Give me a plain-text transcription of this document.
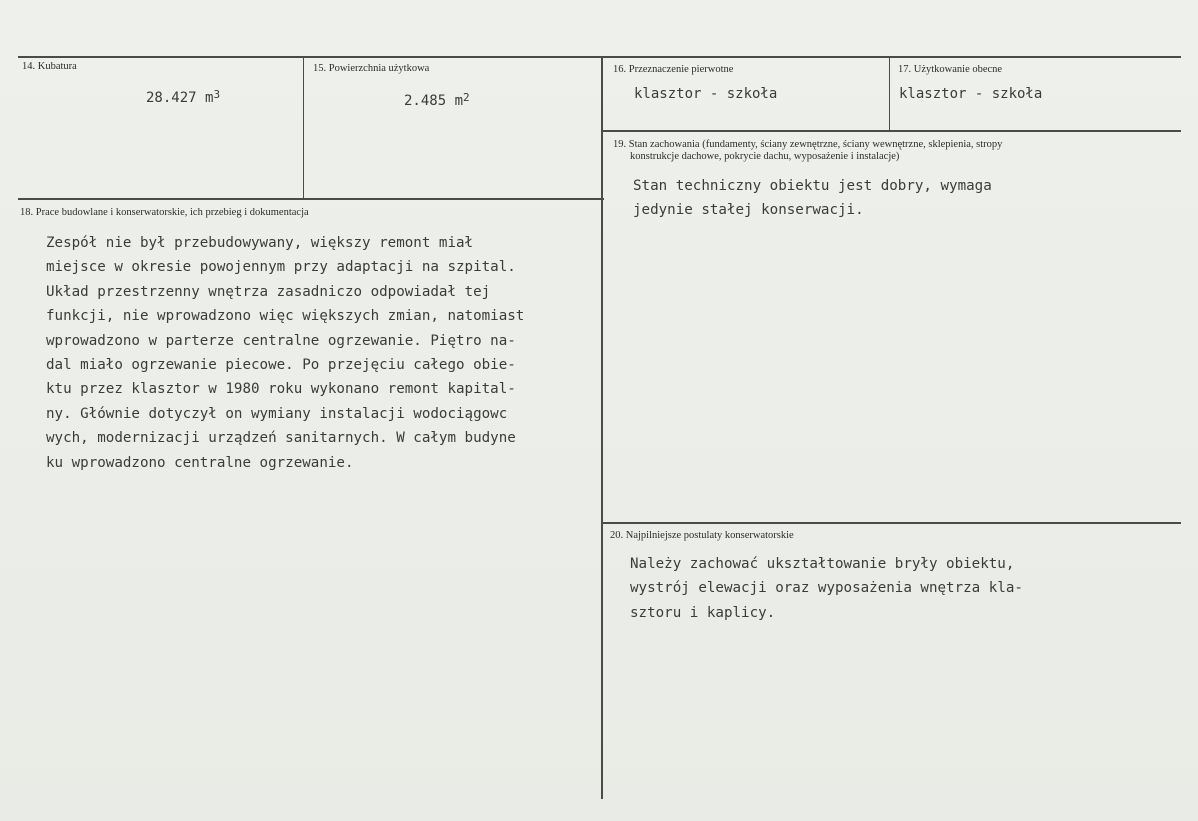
14. Kubatura
28.427 $m^3$
15. Powierzchnia użytkowa
2.485 $m^2$
16. Przeznaczenie pierwotne
klasztor - szkoła
17. Użytkowanie obecne
klasztor - szkoła
19. Stan zachowania (fundamenty, ściany zewnętrzne, ściany wewnętrzne, sklepienia, stropy
konstrukcje dachowe, pokrycie dachu, wyposażenie i instalacje)
Stan techniczny obiektu jest dobry, wymaga
jedynie stałej konserwacji.
18. Prace budowlane i konserwatorskie, ich przebieg i dokumentacja
Zespół nie był przebudowywany, większy remont miał
miejsce w okresie powojennym przy adaptacji na szpital.
Układ przestrzenny wnętrza zasadniczo odpowiadał tej
funkcji, nie wprowadzono więc większych zmian, natomiast
wprowadzono w parterze centralne ogrzewanie. Piętro na-
dal miało ogrzewanie piecowe. Po przejęciu całego obie-
ktu przez klasztor w 1980 roku wykonano remont kapital-
ny. Głównie dotyczył on wymiany instalacji wodociągowc
wych, modernizacji urządzeń sanitarnych. W całym budyne
ku wprowadzono centralne ogrzewanie.
20. Najpilniejsze postulaty konserwatorskie
Należy zachować ukształtowanie bryły obiektu,
wystrój elewacji oraz wyposażenia wnętrza kla-
sztoru i kaplicy.
